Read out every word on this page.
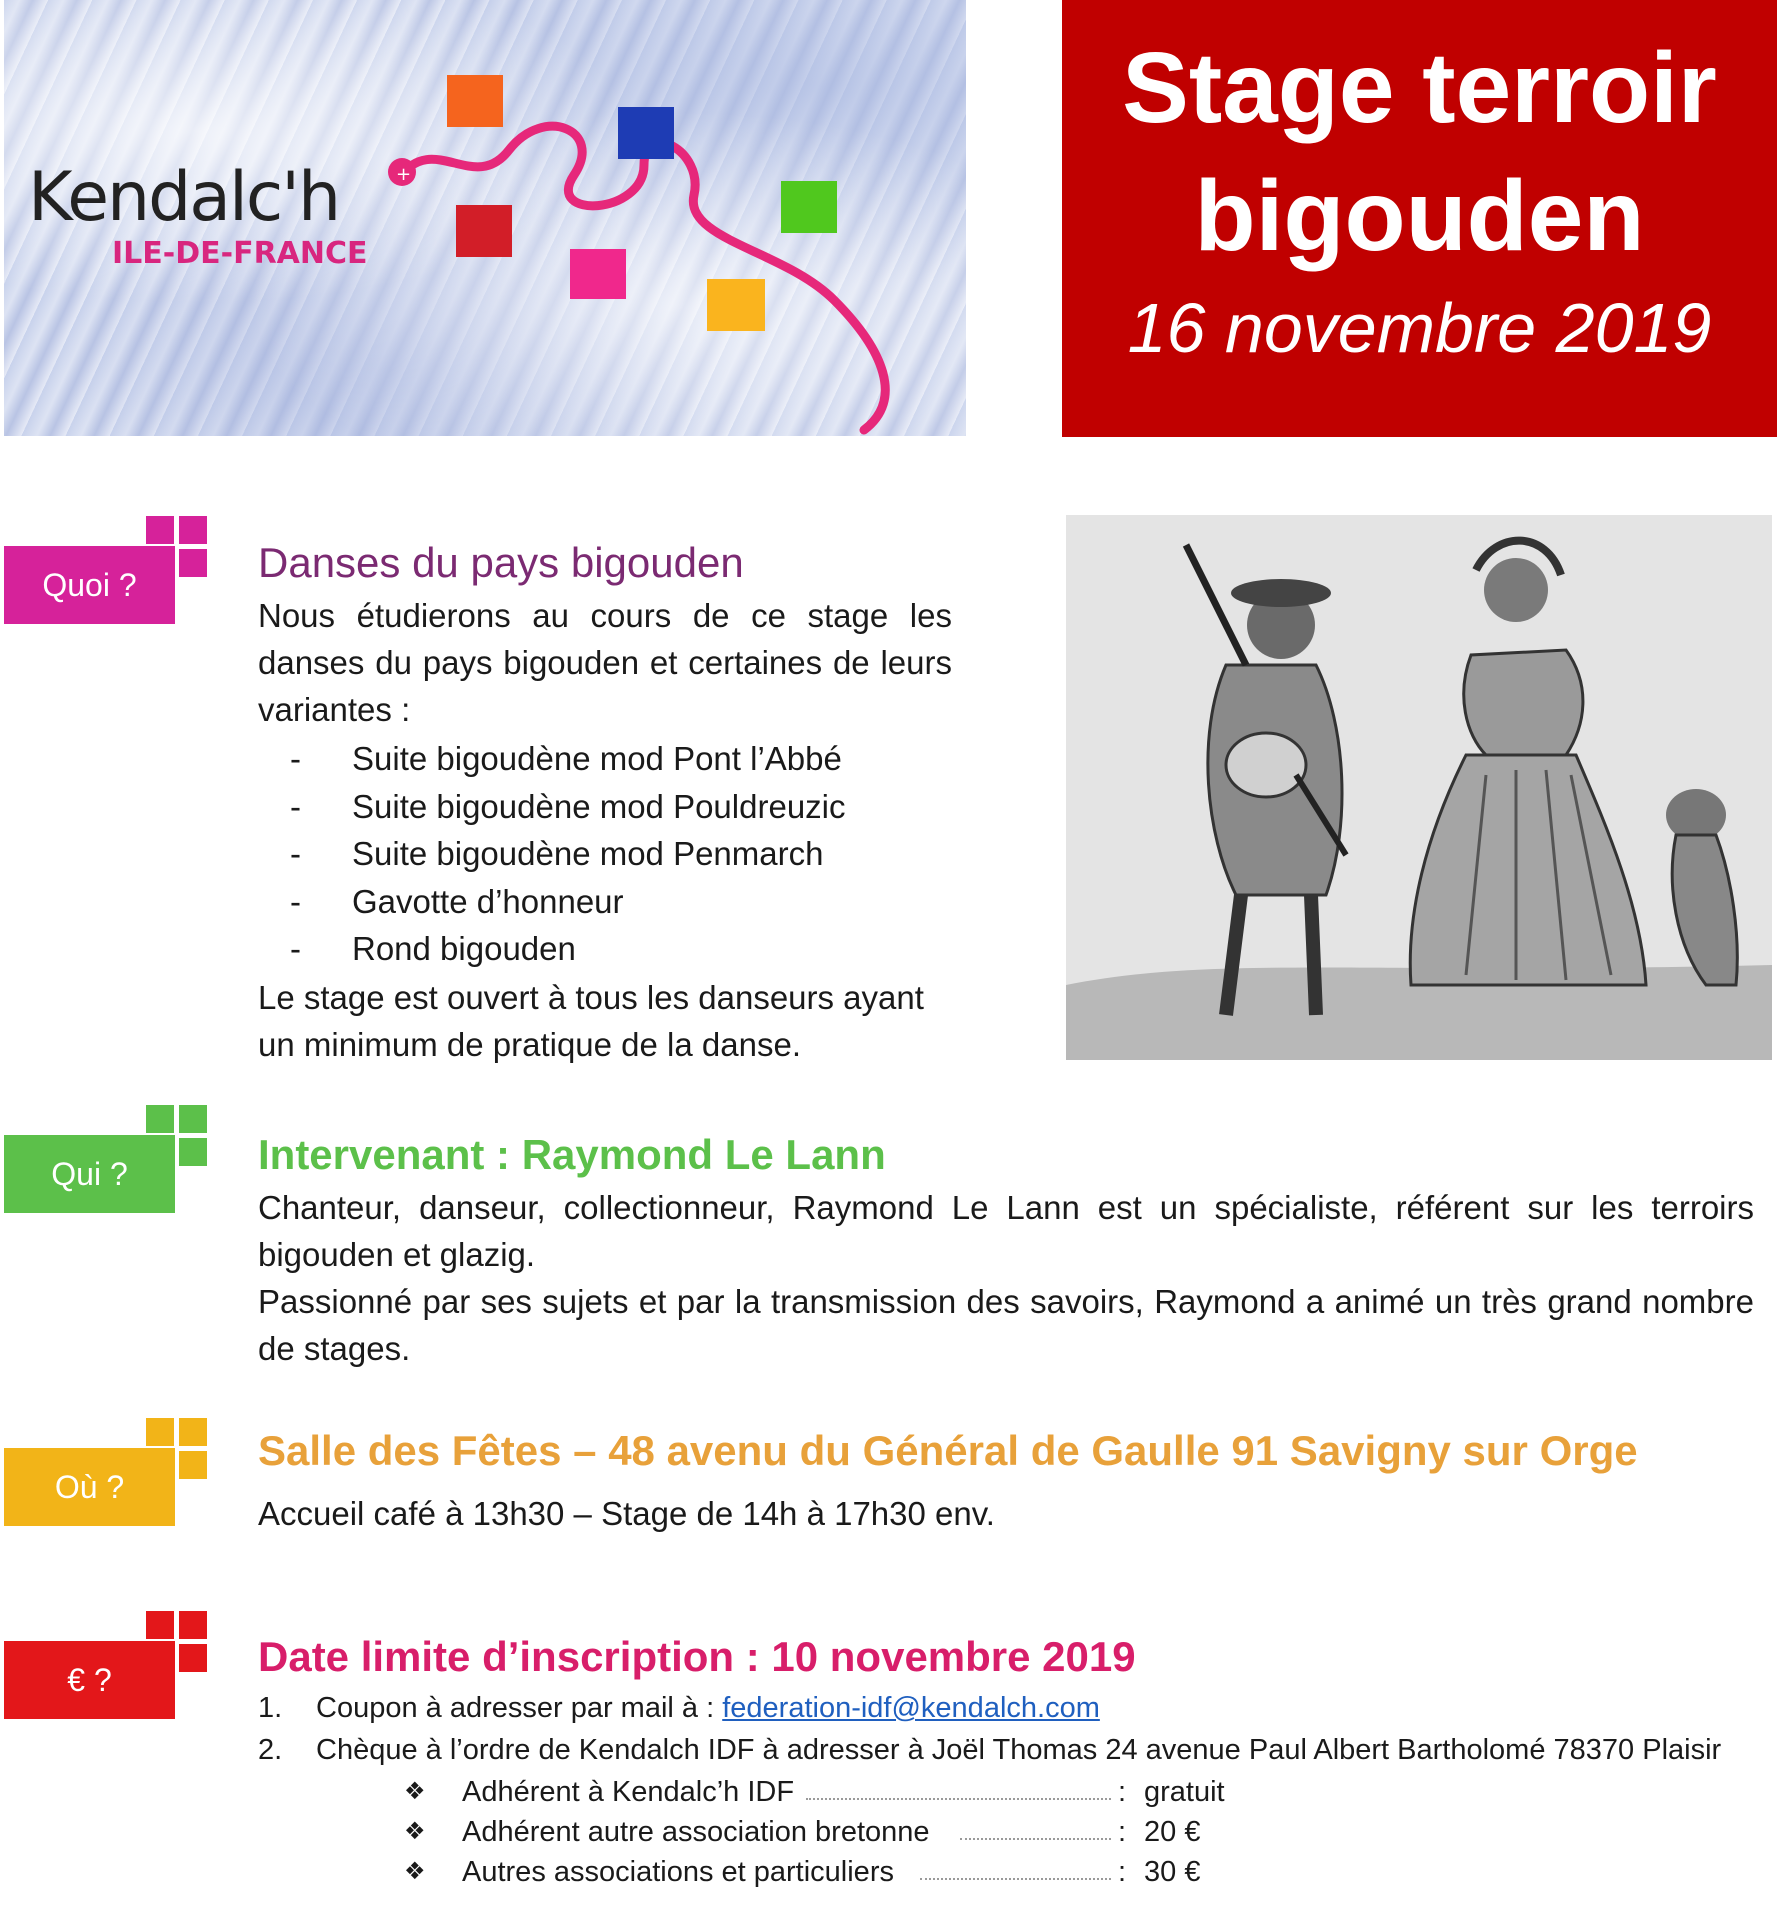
+
Kendalc'h
ILE-DE-FRANCE
Stage terroir bigouden
16 novembre 2019
Quoi ?	Danses du pays bigouden
Nous étudierons au cours de ce stage les danses du pays bigouden et certaines de leurs variantes :
- Suite bigoudène mod Pont l’Abbé
- Suite bigoudène mod Pouldreuzic
- Suite bigoudène mod Penmarch
- Gavotte d’honneur
- Rond bigouden
Le stage est ouvert à tous les danseurs ayant un minimum de pratique de la danse.
Qui ?	Intervenant : Raymond Le Lann
Chanteur, danseur, collectionneur, Raymond Le Lann est un spécialiste, référent sur les terroirs bigouden et glazig.
Passionné par ses sujets et par la transmission des savoirs, Raymond a animé un très grand nombre de stages.
Où ?
Salle des Fêtes – 48 avenu du Général de Gaulle 91 Savigny sur Orge
Accueil café à 13h30 – Stage de 14h à 17h30 env.
€ ?	Date limite d’inscription : 10 novembre 2019
1. Coupon à adresser par mail à : federation-idf@kendalch.com
2. Chèque à l’ordre de Kendalch IDF à adresser à Joël Thomas 24 avenue Paul Albert Bartholomé 78370 Plaisir
❖ Adhérent à Kendalc’h IDF	: gratuit
❖ Adhérent autre association bretonne	: 20 €
❖ Autres associations et particuliers	: 30 €
